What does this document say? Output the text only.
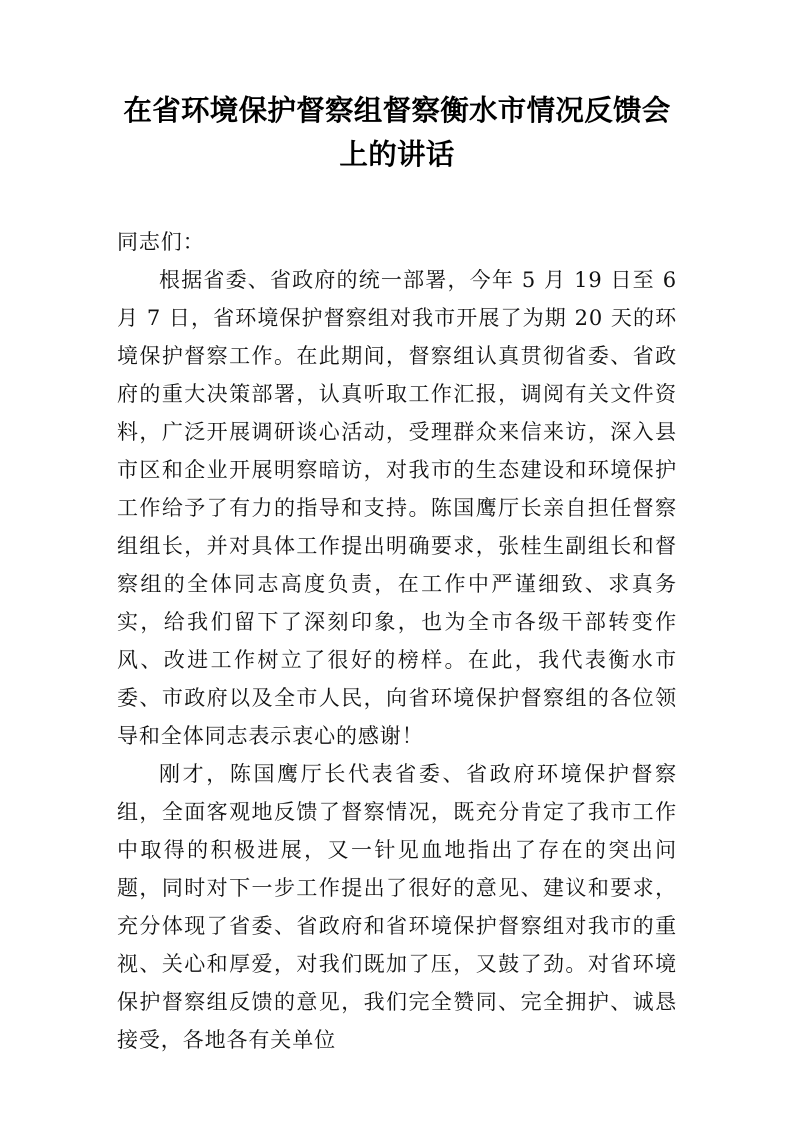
在省环境保护督察组督察衡水市情况反馈会上的讲话

同志们：

根据省委、省政府的统一部署，今年 5 月 19 日至 6 月 7 日，省环境保护督察组对我市开展了为期 20 天的环境保护督察工作。在此期间，督察组认真贯彻省委、省政府的重大决策部署，认真听取工作汇报，调阅有关文件资料，广泛开展调研谈心活动，受理群众来信来访，深入县市区和企业开展明察暗访，对我市的生态建设和环境保护工作给予了有力的指导和支持。陈国鹰厅长亲自担任督察组组长，并对具体工作提出明确要求，张桂生副组长和督察组的全体同志高度负责，在工作中严谨细致、求真务实，给我们留下了深刻印象，也为全市各级干部转变作风、改进工作树立了很好的榜样。在此，我代表衡水市委、市政府以及全市人民，向省环境保护督察组的各位领导和全体同志表示衷心的感谢！

刚才，陈国鹰厅长代表省委、省政府环境保护督察组，全面客观地反馈了督察情况，既充分肯定了我市工作中取得的积极进展，又一针见血地指出了存在的突出问题，同时对下一步工作提出了很好的意见、建议和要求，充分体现了省委、省政府和省环境保护督察组对我市的重视、关心和厚爱，对我们既加了压，又鼓了劲。对省环境保护督察组反馈的意见，我们完全赞同、完全拥护、诚恳接受，各地各有关单位
